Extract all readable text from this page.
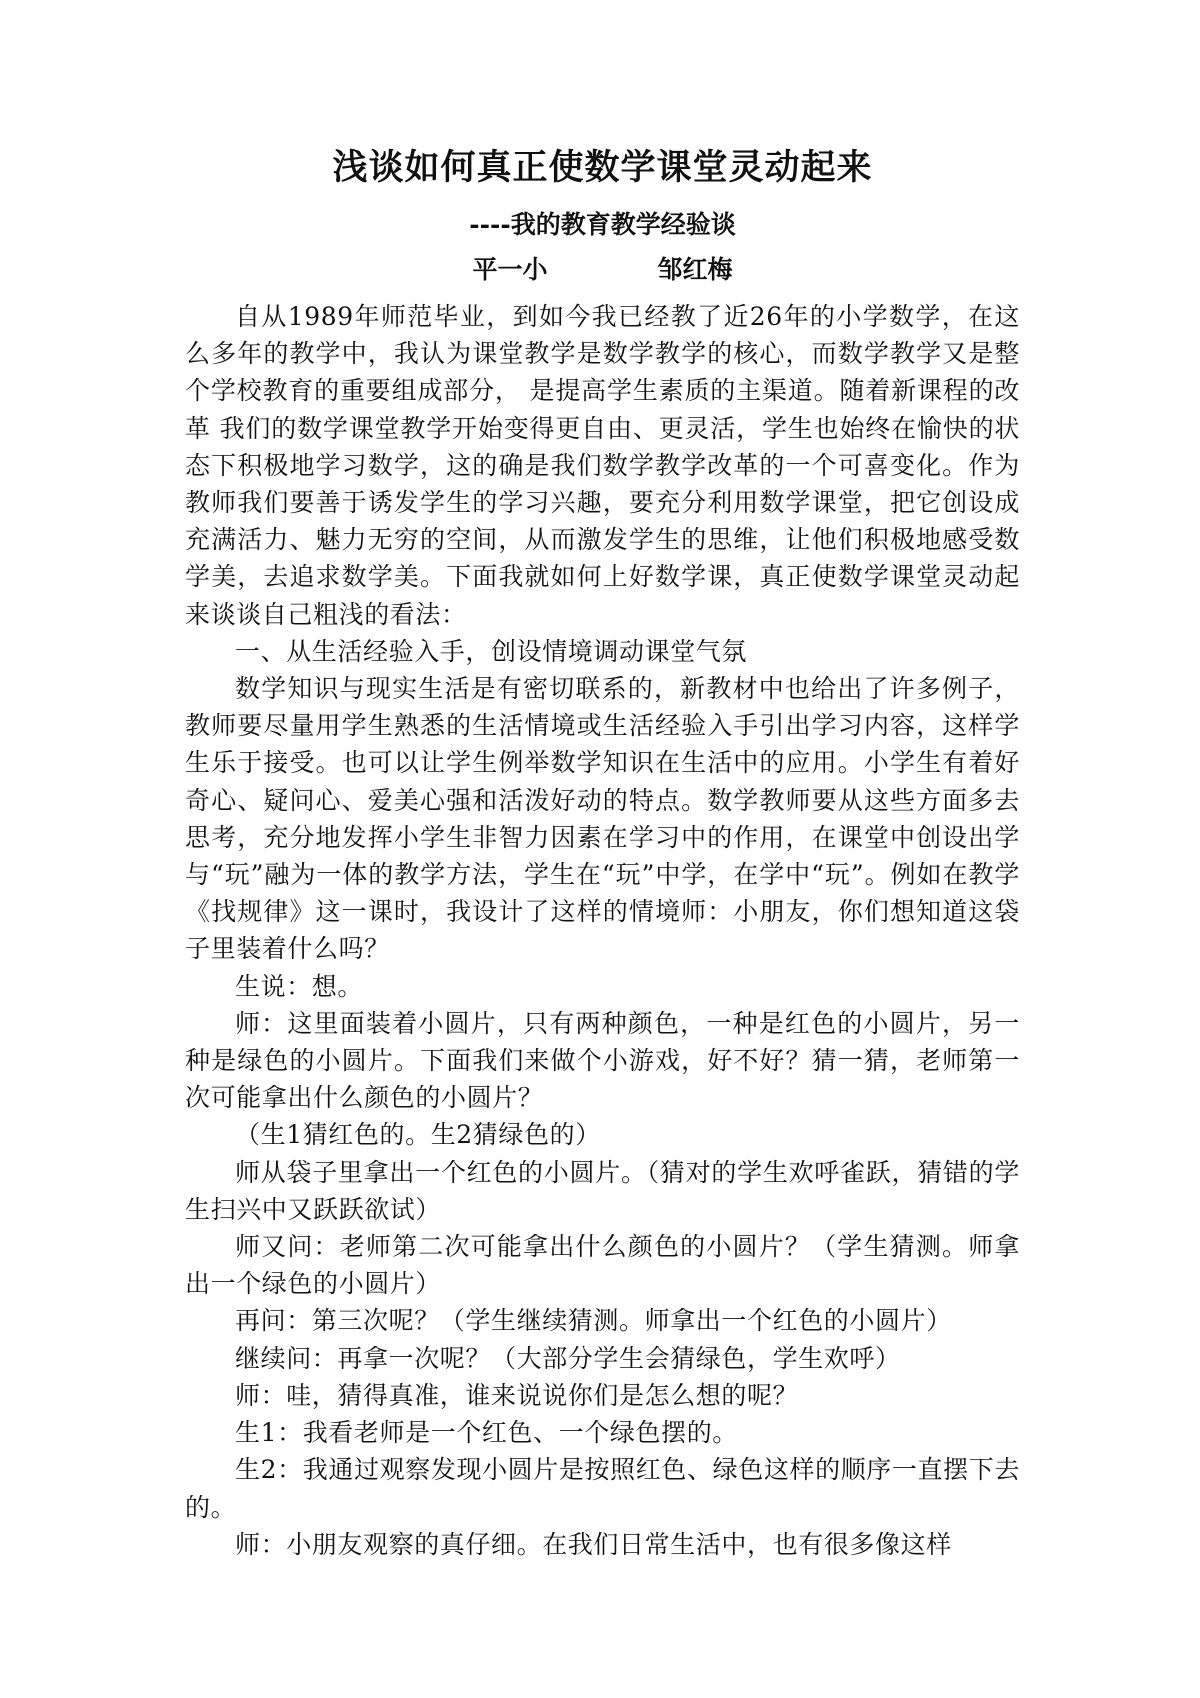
浅谈如何真正使数学课堂灵动起来
----我的教育教学经验谈
平一小	邹红梅

自从1989年师范毕业，到如今我已经教了近26年的小学数学，在这么多年的教学中，我认为课堂教学是数学教学的核心，而数学教学又是整个学校教育的重要组成部分， 是提高学生素质的主渠道。随着新课程的改革 我们的数学课堂教学开始变得更自由、更灵活，学生也始终在愉快的状态下积极地学习数学，这的确是我们数学教学改革的一个可喜变化。作为教师我们要善于诱发学生的学习兴趣，要充分利用数学课堂，把它创设成充满活力、魅力无穷的空间，从而激发学生的思维，让他们积极地感受数学美，去追求数学美。下面我就如何上好数学课，真正使数学课堂灵动起来谈谈自己粗浅的看法：

一、从生活经验入手，创设情境调动课堂气氛

数学知识与现实生活是有密切联系的，新教材中也给出了许多例子，教师要尽量用学生熟悉的生活情境或生活经验入手引出学习内容，这样学生乐于接受。也可以让学生例举数学知识在生活中的应用。小学生有着好奇心、疑问心、爱美心强和活泼好动的特点。数学教师要从这些方面多去思考，充分地发挥小学生非智力因素在学习中的作用，在课堂中创设出学与“玩”融为一体的教学方法，学生在“玩”中学，在学中“玩”。例如在教学《找规律》这一课时，我设计了这样的情境师：小朋友，你们想知道这袋子里装着什么吗？

生说：想。

师：这里面装着小圆片，只有两种颜色，一种是红色的小圆片，另一种是绿色的小圆片。下面我们来做个小游戏，好不好？猜一猜，老师第一次可能拿出什么颜色的小圆片？

（生1猜红色的。生2猜绿色的）

师从袋子里拿出一个红色的小圆片。（猜对的学生欢呼雀跃，猜错的学生扫兴中又跃跃欲试）

师又问：老师第二次可能拿出什么颜色的小圆片？（学生猜测。师拿出一个绿色的小圆片）

再问：第三次呢？（学生继续猜测。师拿出一个红色的小圆片）

继续问：再拿一次呢？（大部分学生会猜绿色，学生欢呼）

师：哇，猜得真准，谁来说说你们是怎么想的呢？

生1：我看老师是一个红色、一个绿色摆的。

生2：我通过观察发现小圆片是按照红色、绿色这样的顺序一直摆下去的。

师：小朋友观察的真仔细。在我们日常生活中，也有很多像这样
